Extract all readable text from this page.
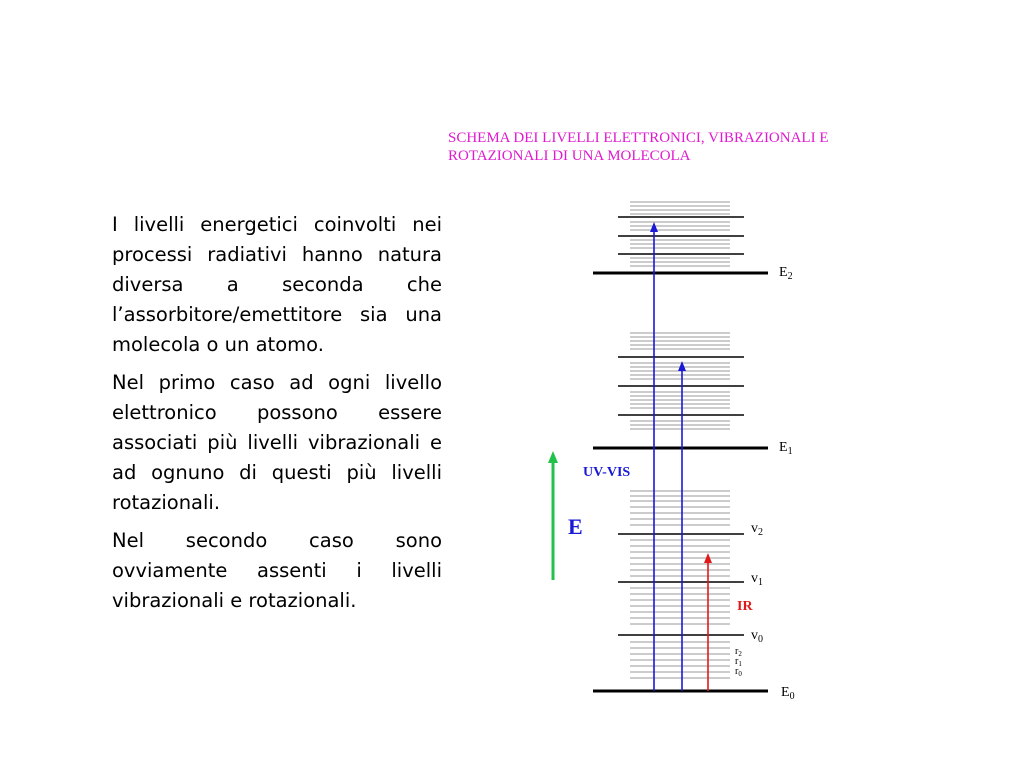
SCHEMA DEI LIVELLI ELETTRONICI, VIBRAZIONALI E
ROTAZIONALI DI UNA MOLECOLA

I livelli energetici coinvolti nei processi radiativi hanno natura diversa a seconda che l’assorbitore/emettitore sia una molecola o un atomo.

Nel primo caso ad ogni livello elettronico possono essere associati più livelli vibrazionali e ad ognuno di questi più livelli rotazionali.

Nel secondo caso sono ovviamente assenti i livelli vibrazionali e rotazionali.

$E_2$
$E_1$
$E_0$
$v_2$
$v_1$
$v_0$
$r_2$
$r_1$
$r_0$
UV-VIS
IR
E
